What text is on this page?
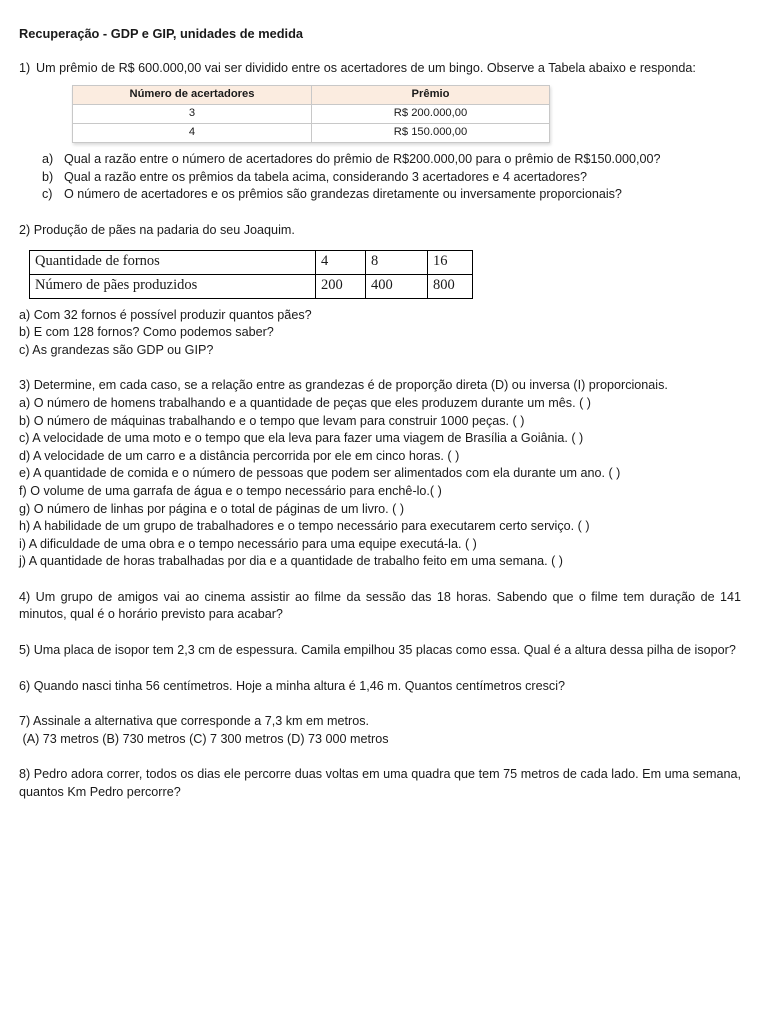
Recuperação - GDP e GIP, unidades de medida
1) Um prêmio de R$ 600.000,00 vai ser dividido entre os acertadores de um bingo. Observe a Tabela abaixo e responda:
Número de acertadores	Prêmio
3	R$ 200.000,00
4	R$ 150.000,00
a) Qual a razão entre o número de acertadores do prêmio de R$200.000,00 para o prêmio de R$150.000,00?
b) Qual a razão entre os prêmios da tabela acima, considerando 3 acertadores e 4 acertadores?
c) O número de acertadores e os prêmios são grandezas diretamente ou inversamente proporcionais?

2) Produção de pães na padaria do seu Joaquim.

Quantidade de fornos	4	8	16
Número de pães produzidos	200	400	800

a) Com 32 fornos é possível produzir quantos pães?

b) E com 128 fornos? Como podemos saber?

c) As grandezas são GDP ou GIP?

3) Determine, em cada caso, se a relação entre as grandezas é de proporção direta (D) ou inversa (I) proporcionais.

a) O número de homens trabalhando e a quantidade de peças que eles produzem durante um mês. ( )

b) O número de máquinas trabalhando e o tempo que levam para construir 1000 peças. ( )

c) A velocidade de uma moto e o tempo que ela leva para fazer uma viagem de Brasília a Goiânia. ( )

d) A velocidade de um carro e a distância percorrida por ele em cinco horas. ( )

e) A quantidade de comida e o número de pessoas que podem ser alimentados com ela durante um ano. ( )

f) O volume de uma garrafa de água e o tempo necessário para enchê-lo.( )

g) O número de linhas por página e o total de páginas de um livro. ( )

h) A habilidade de um grupo de trabalhadores e o tempo necessário para executarem certo serviço. ( )

i) A dificuldade de uma obra e o tempo necessário para uma equipe executá-la. ( )

j) A quantidade de horas trabalhadas por dia e a quantidade de trabalho feito em uma semana. ( )

4) Um grupo de amigos vai ao cinema assistir ao filme da sessão das 18 horas. Sabendo que o filme tem duração de 141 minutos, qual é o horário previsto para acabar?

5) Uma placa de isopor tem 2,3 cm de espessura. Camila empilhou 35 placas como essa. Qual é a altura dessa pilha de isopor?

6) Quando nasci tinha 56 centímetros. Hoje a minha altura é 1,46 m. Quantos centímetros cresci?

7) Assinale a alternativa que corresponde a 7,3 km em metros.

(A) 73 metros (B) 730 metros (C) 7 300 metros (D) 73 000 metros

8) Pedro adora correr, todos os dias ele percorre duas voltas em uma quadra que tem 75 metros de cada lado. Em uma semana, quantos Km Pedro percorre?
